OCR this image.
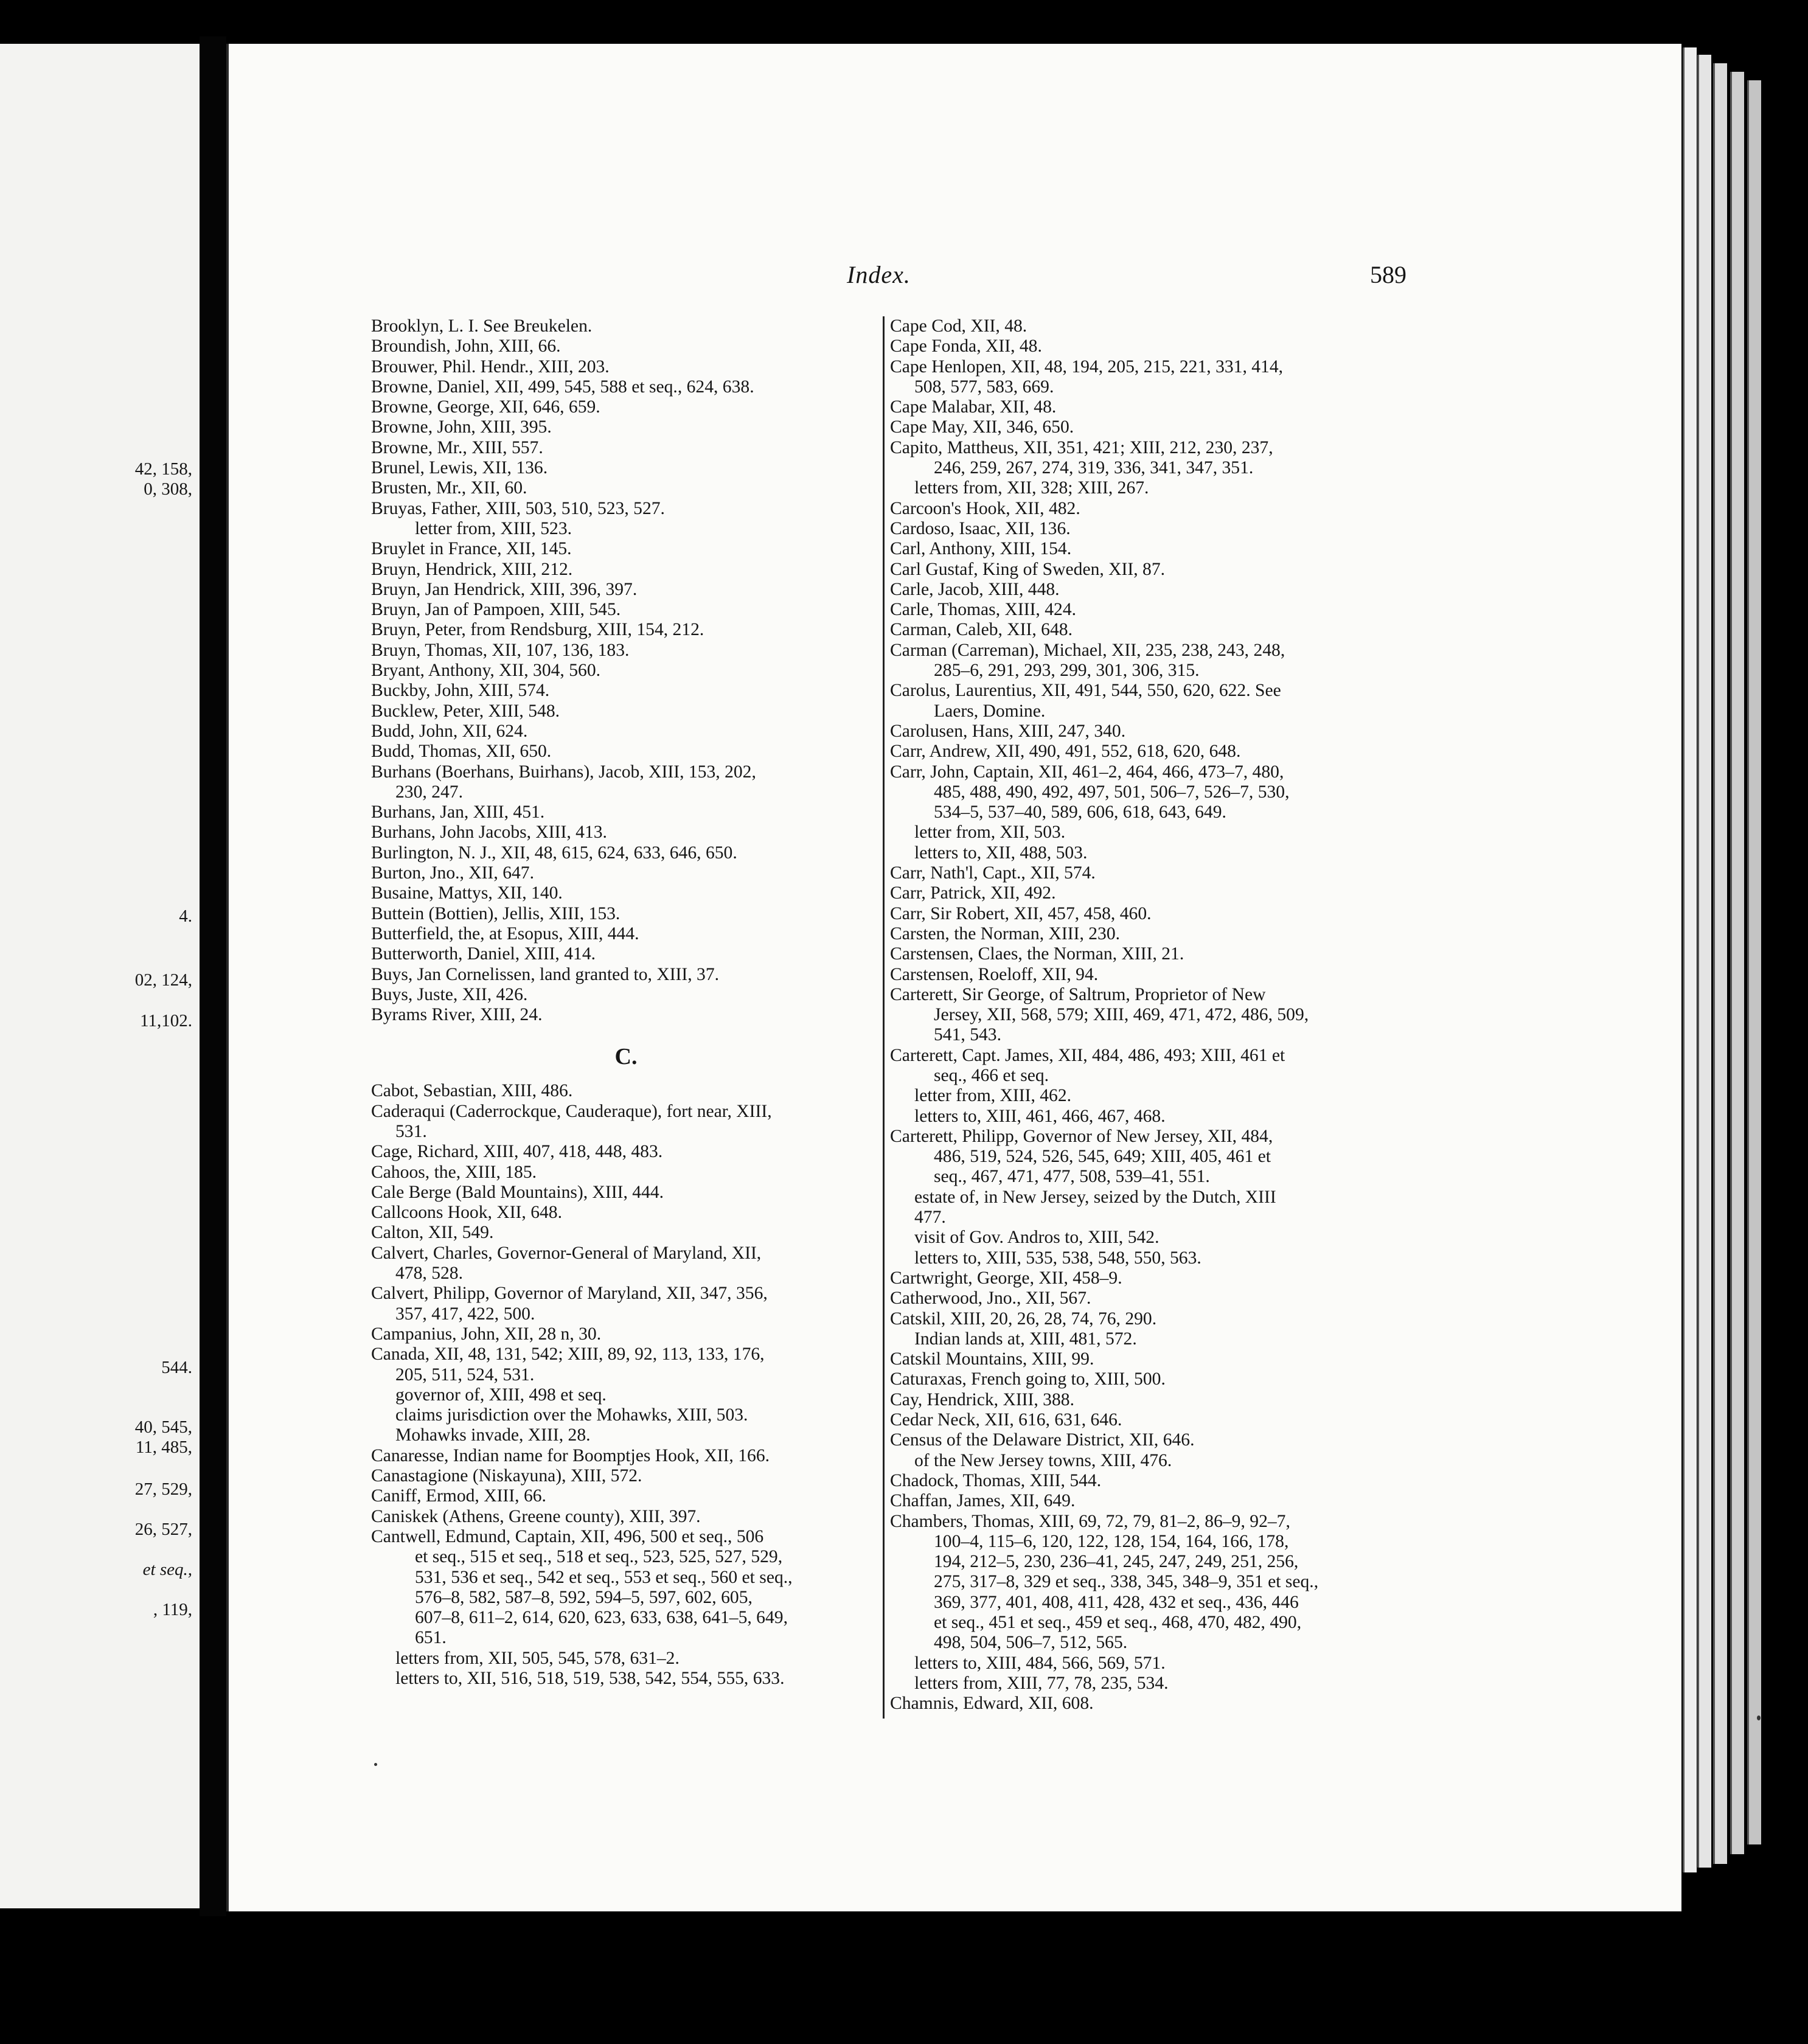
42, 158,
0, 308,
4.
02, 124,
11,102.
544.
40, 545,
11, 485,
27, 529,
26, 527,
et seq.,
, 119,
Index.	589
Brooklyn, L. I. See Breukelen.
Broundish, John, XIII, 66.
Brouwer, Phil. Hendr., XIII, 203.
Browne, Daniel, XII, 499, 545, 588 et seq., 624, 638.
Browne, George, XII, 646, 659.
Browne, John, XIII, 395.
Browne, Mr., XIII, 557.
Brunel, Lewis, XII, 136.
Brusten, Mr., XII, 60.
Bruyas, Father, XIII, 503, 510, 523, 527.
letter from, XIII, 523.
Bruylet in France, XII, 145.
Bruyn, Hendrick, XIII, 212.
Bruyn, Jan Hendrick, XIII, 396, 397.
Bruyn, Jan of Pampoen, XIII, 545.
Bruyn, Peter, from Rendsburg, XIII, 154, 212.
Bruyn, Thomas, XII, 107, 136, 183.
Bryant, Anthony, XII, 304, 560.
Buckby, John, XIII, 574.
Bucklew, Peter, XIII, 548.
Budd, John, XII, 624.
Budd, Thomas, XII, 650.
Burhans (Boerhans, Buirhans), Jacob, XIII, 153, 202,
230, 247.
Burhans, Jan, XIII, 451.
Burhans, John Jacobs, XIII, 413.
Burlington, N. J., XII, 48, 615, 624, 633, 646, 650.
Burton, Jno., XII, 647.
Busaine, Mattys, XII, 140.
Buttein (Bottien), Jellis, XIII, 153.
Butterfield, the, at Esopus, XIII, 444.
Butterworth, Daniel, XIII, 414.
Buys, Jan Cornelissen, land granted to, XIII, 37.
Buys, Juste, XII, 426.
Byrams River, XIII, 24.
C.
Cabot, Sebastian, XIII, 486.
Caderaqui (Caderrockque, Cauderaque), fort near, XIII,
531.
Cage, Richard, XIII, 407, 418, 448, 483.
Cahoos, the, XIII, 185.
Cale Berge (Bald Mountains), XIII, 444.
Callcoons Hook, XII, 648.
Calton, XII, 549.
Calvert, Charles, Governor-General of Maryland, XII,
478, 528.
Calvert, Philipp, Governor of Maryland, XII, 347, 356,
357, 417, 422, 500.
Campanius, John, XII, 28 n, 30.
Canada, XII, 48, 131, 542; XIII, 89, 92, 113, 133, 176,
205, 511, 524, 531.
governor of, XIII, 498 et seq.
claims jurisdiction over the Mohawks, XIII, 503.
Mohawks invade, XIII, 28.
Canaresse, Indian name for Boomptjes Hook, XII, 166.
Canastagione (Niskayuna), XIII, 572.
Caniff, Ermod, XIII, 66.
Caniskek (Athens, Greene county), XIII, 397.
Cantwell, Edmund, Captain, XII, 496, 500 et seq., 506
et seq., 515 et seq., 518 et seq., 523, 525, 527, 529,
531, 536 et seq., 542 et seq., 553 et seq., 560 et seq.,
576–8, 582, 587–8, 592, 594–5, 597, 602, 605,
607–8, 611–2, 614, 620, 623, 633, 638, 641–5, 649,
651.
letters from, XII, 505, 545, 578, 631–2.
letters to, XII, 516, 518, 519, 538, 542, 554, 555, 633.
Cape Cod, XII, 48.
Cape Fonda, XII, 48.
Cape Henlopen, XII, 48, 194, 205, 215, 221, 331, 414,
508, 577, 583, 669.
Cape Malabar, XII, 48.
Cape May, XII, 346, 650.
Capito, Mattheus, XII, 351, 421; XIII, 212, 230, 237,
246, 259, 267, 274, 319, 336, 341, 347, 351.
letters from, XII, 328; XIII, 267.
Carcoon's Hook, XII, 482.
Cardoso, Isaac, XII, 136.
Carl, Anthony, XIII, 154.
Carl Gustaf, King of Sweden, XII, 87.
Carle, Jacob, XIII, 448.
Carle, Thomas, XIII, 424.
Carman, Caleb, XII, 648.
Carman (Carreman), Michael, XII, 235, 238, 243, 248,
285–6, 291, 293, 299, 301, 306, 315.
Carolus, Laurentius, XII, 491, 544, 550, 620, 622. See
Laers, Domine.
Carolusen, Hans, XIII, 247, 340.
Carr, Andrew, XII, 490, 491, 552, 618, 620, 648.
Carr, John, Captain, XII, 461–2, 464, 466, 473–7, 480,
485, 488, 490, 492, 497, 501, 506–7, 526–7, 530,
534–5, 537–40, 589, 606, 618, 643, 649.
letter from, XII, 503.
letters to, XII, 488, 503.
Carr, Nath'l, Capt., XII, 574.
Carr, Patrick, XII, 492.
Carr, Sir Robert, XII, 457, 458, 460.
Carsten, the Norman, XIII, 230.
Carstensen, Claes, the Norman, XIII, 21.
Carstensen, Roeloff, XII, 94.
Carterett, Sir George, of Saltrum, Proprietor of New
Jersey, XII, 568, 579; XIII, 469, 471, 472, 486, 509,
541, 543.
Carterett, Capt. James, XII, 484, 486, 493; XIII, 461 et
seq., 466 et seq.
letter from, XIII, 462.
letters to, XIII, 461, 466, 467, 468.
Carterett, Philipp, Governor of New Jersey, XII, 484,
486, 519, 524, 526, 545, 649; XIII, 405, 461 et
seq., 467, 471, 477, 508, 539–41, 551.
estate of, in New Jersey, seized by the Dutch, XIII
477.
visit of Gov. Andros to, XIII, 542.
letters to, XIII, 535, 538, 548, 550, 563.
Cartwright, George, XII, 458–9.
Catherwood, Jno., XII, 567.
Catskil, XIII, 20, 26, 28, 74, 76, 290.
Indian lands at, XIII, 481, 572.
Catskil Mountains, XIII, 99.
Caturaxas, French going to, XIII, 500.
Cay, Hendrick, XIII, 388.
Cedar Neck, XII, 616, 631, 646.
Census of the Delaware District, XII, 646.
of the New Jersey towns, XIII, 476.
Chadock, Thomas, XIII, 544.
Chaffan, James, XII, 649.
Chambers, Thomas, XIII, 69, 72, 79, 81–2, 86–9, 92–7,
100–4, 115–6, 120, 122, 128, 154, 164, 166, 178,
194, 212–5, 230, 236–41, 245, 247, 249, 251, 256,
275, 317–8, 329 et seq., 338, 345, 348–9, 351 et seq.,
369, 377, 401, 408, 411, 428, 432 et seq., 436, 446
et seq., 451 et seq., 459 et seq., 468, 470, 482, 490,
498, 504, 506–7, 512, 565.
letters to, XIII, 484, 566, 569, 571.
letters from, XIII, 77, 78, 235, 534.
Chamnis, Edward, XII, 608.
